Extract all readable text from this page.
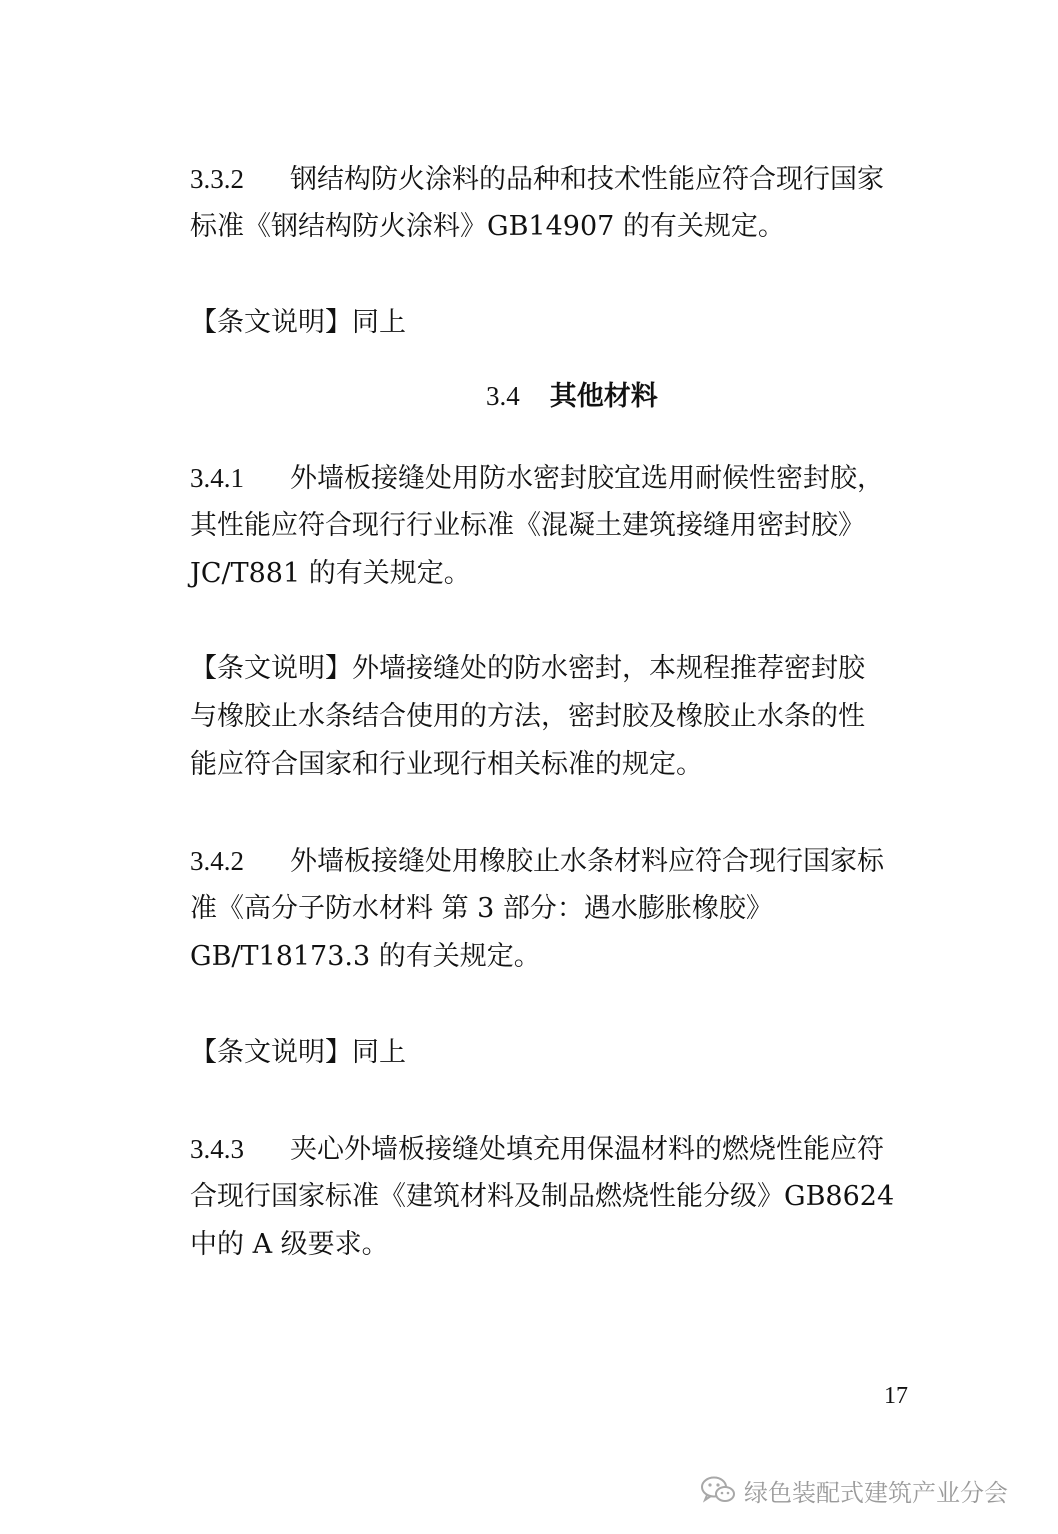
3.3.2 钢结构防火涂料的品种和技术性能应符合现行国家
标准《钢结构防火涂料》GB14907 的有关规定。
【条文说明】同上
3.4 其他材料
3.4.1 外墙板接缝处用防水密封胶宜选用耐候性密封胶，
其性能应符合现行行业标准《混凝土建筑接缝用密封胶》
JC/T881 的有关规定。
【条文说明】外墙接缝处的防水密封，本规程推荐密封胶
与橡胶止水条结合使用的方法，密封胶及橡胶止水条的性
能应符合国家和行业现行相关标准的规定。
3.4.2 外墙板接缝处用橡胶止水条材料应符合现行国家标
准《高分子防水材料 第 3 部分：遇水膨胀橡胶》
GB/T18173.3 的有关规定。
【条文说明】同上
3.4.3 夹心外墙板接缝处填充用保温材料的燃烧性能应符
合现行国家标准《建筑材料及制品燃烧性能分级》GB8624
中的 A 级要求。
17
绿色装配式建筑产业分会
